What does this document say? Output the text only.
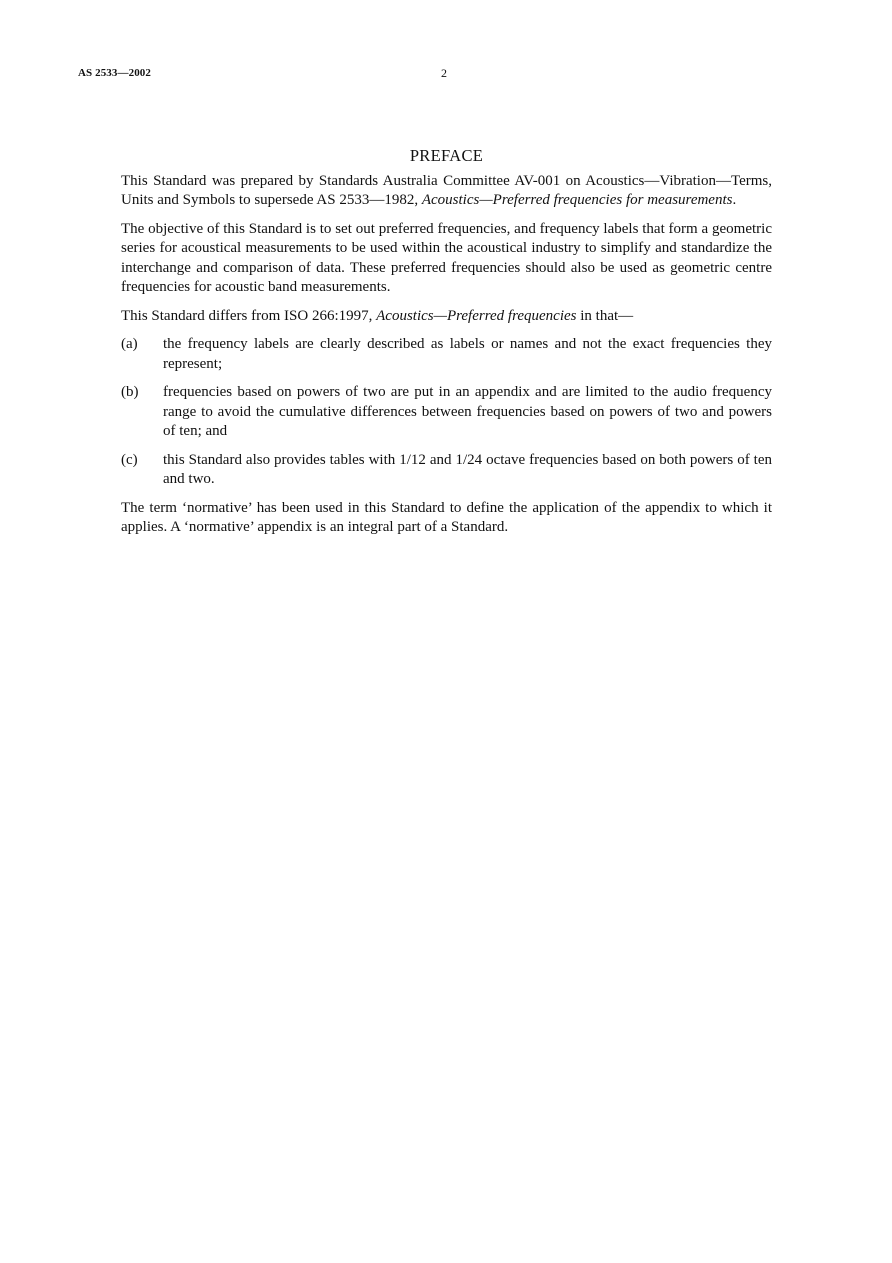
AS 2533—2002	2
PREFACE

This Standard was prepared by Standards Australia Committee AV-001 on Acoustics—Vibration—Terms, Units and Symbols to supersede AS 2533—1982, Acoustics—Preferred frequencies for measurements.

The objective of this Standard is to set out preferred frequencies, and frequency labels that form a geometric series for acoustical measurements to be used within the acoustical industry to simplify and standardize the interchange and comparison of data. These preferred frequencies should also be used as geometric centre frequencies for acoustic band measurements.

This Standard differs from ISO 266:1997, Acoustics—Preferred frequencies in that—

(a)	the frequency labels are clearly described as labels or names and not the exact frequencies they represent;
(b)	frequencies based on powers of two are put in an appendix and are limited to the audio frequency range to avoid the cumulative differences between frequencies based on powers of two and powers of ten; and
(c)	this Standard also provides tables with 1/12 and 1/24 octave frequencies based on both powers of ten and two.

The term ‘normative’ has been used in this Standard to define the application of the appendix to which it applies. A ‘normative’ appendix is an integral part of a Standard.
